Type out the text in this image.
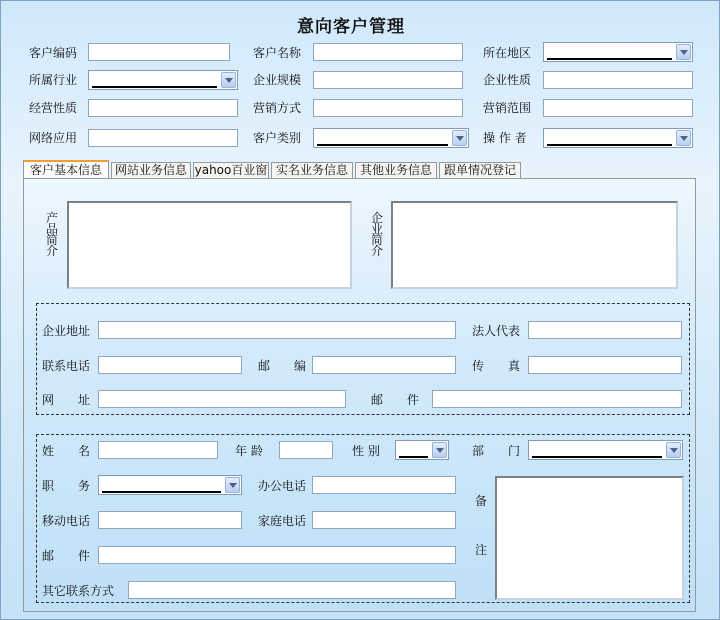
意向客户管理
客户编码	客户名称	所在地区
所属行业	企业规模	企业性质
经营性质	营销方式	营销范围
网络应用	客户类别	操 作 者
客户基本信息	网站业务信息 yahoo百业窗 实名业务信息 其他业务信息 跟单情况登记
产品简介
企业简介
企业地址	法人代表
联系电话	邮　　编	传　　真
网　　址	邮　　件
姓　　名	年 龄	性 别	部　　门
职　　务	办公电话
移动电话	家庭电话
邮　　件
其它联系方式
备
注
